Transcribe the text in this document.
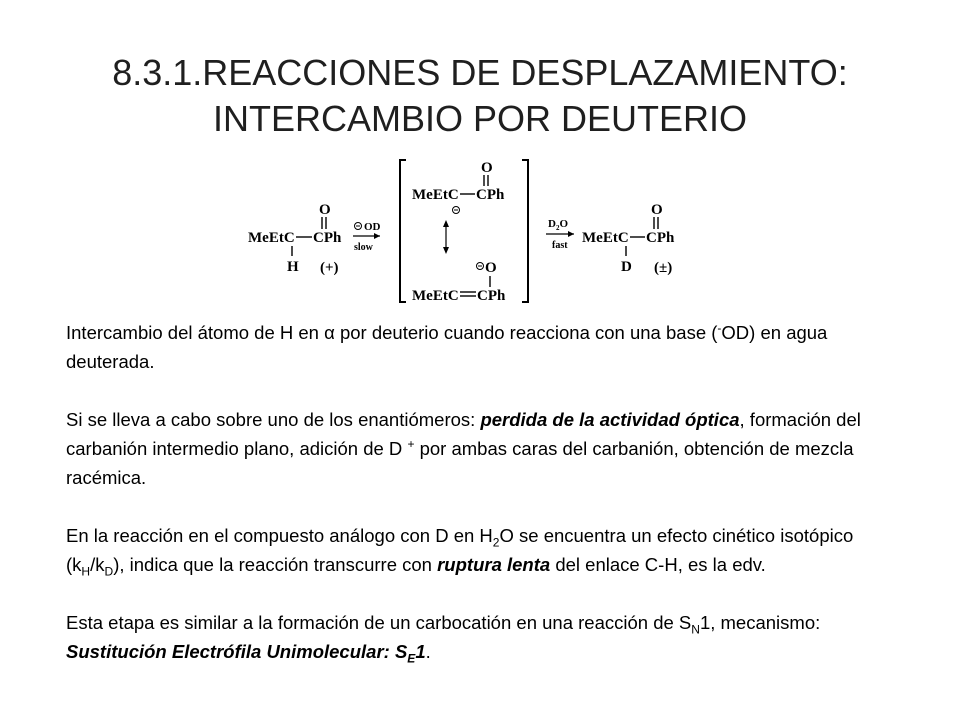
8.3.1.REACCIONES DE DESPLAZAMIENTO:
INTERCAMBIO POR DEUTERIO
O
MeEtC CPh
H (+)
OD
slow
O
MeEtC CPh
O
MeEtC CPh
$D_2O$
fast
O
MeEtC CPh
D (±)

Intercambio del átomo de H en α por deuterio cuando reacciona con una base (-OD) en agua deuterada.

Si se lleva a cabo sobre uno de los enantiómeros: perdida de la actividad óptica, formación del carbanión intermedio plano, adición de D + por ambas caras del carbanión, obtención de mezcla racémica.

En la reacción en el compuesto análogo con D en $H_2O$ se encuentra un efecto cinético isotópico $(k_H/k_D)$, indica que la reacción transcurre con ruptura lenta del enlace C-H, es la edv.

Esta etapa es similar a la formación de un carbocatión en una reacción de $S_N1$, mecanismo: Sustitución Electrófila Unimolecular: $S_E1$.
